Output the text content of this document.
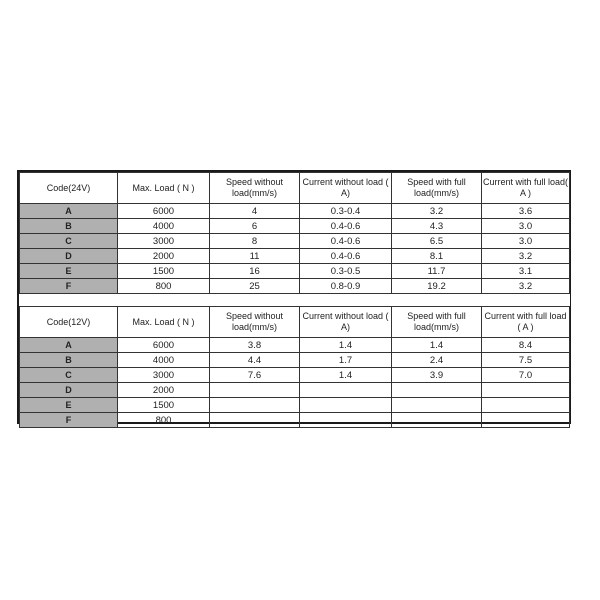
Code(24V)	Max. Load ( N )	Speed without load(mm/s)	Current without load ( A)	Speed with full load(mm/s)	Current with full load( A )
A	6000	4	0.3-0.4	3.2	3.6
B	4000	6	0.4-0.6	4.3	3.0
C	3000	8	0.4-0.6	6.5	3.0
D	2000	11	0.4-0.6	8.1	3.2
E	1500	16	0.3-0.5	11.7	3.1
F	800	25	0.8-0.9	19.2	3.2

Code(12V)	Max. Load ( N )	Speed without load(mm/s)	Current without load ( A)	Speed with full load(mm/s)	Current with full load ( A )
A	6000	3.8	1.4	1.4	8.4
B	4000	4.4	1.7	2.4	7.5
C	3000	7.6	1.4	3.9	7.0
D	2000				
E	1500				
F	800				
